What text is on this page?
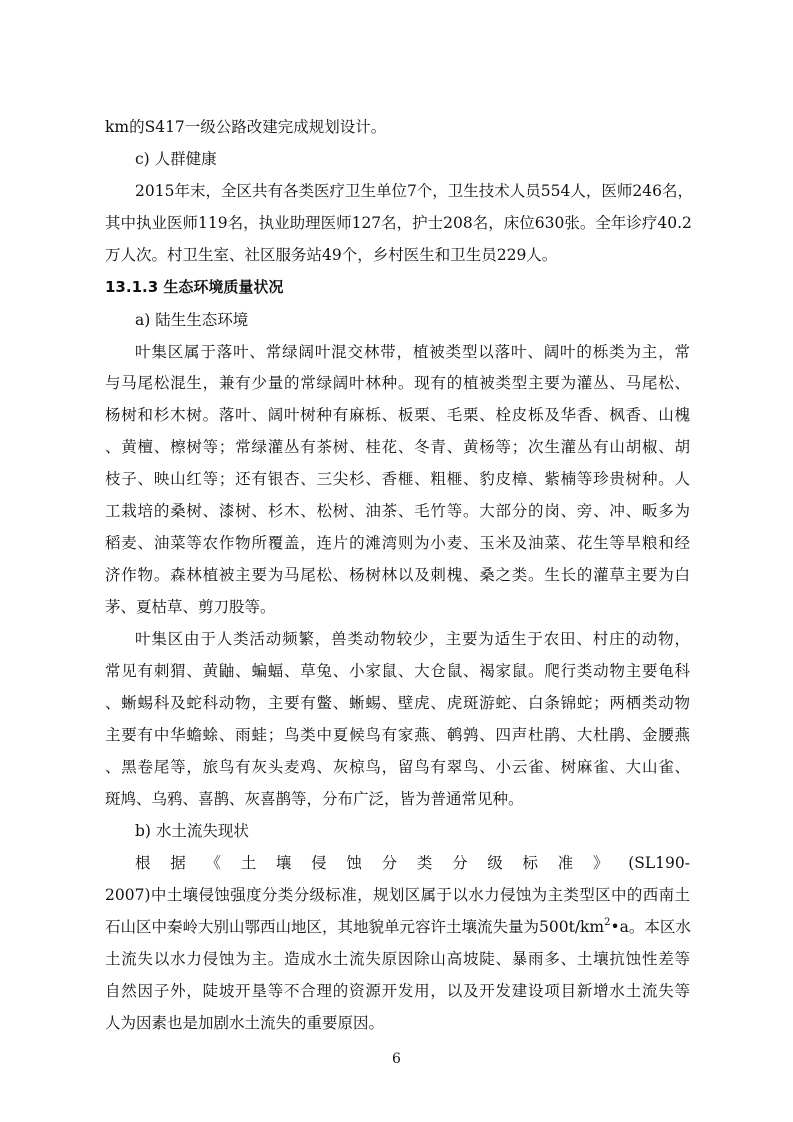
km的S417一级公路改建完成规划设计。
c) 人群健康
2015年末，全区共有各类医疗卫生单位7个，卫生技术人员554人，医师246名，
其中执业医师119名，执业助理医师127名，护士208名，床位630张。全年诊疗40.2
万人次。村卫生室、社区服务站49个，乡村医生和卫生员229人。
13.1.3 生态环境质量状况
a) 陆生生态环境
叶集区属于落叶、常绿阔叶混交林带，植被类型以落叶、阔叶的栎类为主，常
与马尾松混生，兼有少量的常绿阔叶林种。现有的植被类型主要为灌丛、马尾松、
杨树和杉木树。落叶、阔叶树种有麻栎、板栗、毛栗、栓皮栎及华香、枫香、山槐
、黄檀、檫树等；常绿灌丛有茶树、桂花、冬青、黄杨等；次生灌丛有山胡椒、胡
枝子、映山红等；还有银杏、三尖杉、香榧、粗榧、豹皮樟、紫楠等珍贵树种。人
工栽培的桑树、漆树、杉木、松树、油茶、毛竹等。大部分的岗、旁、冲、畈多为
稻麦、油菜等农作物所覆盖，连片的滩湾则为小麦、玉米及油菜、花生等旱粮和经
济作物。森林植被主要为马尾松、杨树林以及刺槐、桑之类。生长的灌草主要为白
茅、夏枯草、剪刀股等。
叶集区由于人类活动频繁，兽类动物较少，主要为适生于农田、村庄的动物，
常见有刺猬、黄鼬、蝙蝠、草兔、小家鼠、大仓鼠、褐家鼠。爬行类动物主要龟科
、蜥蜴科及蛇科动物，主要有鳖、蜥蜴、壁虎、虎斑游蛇、白条锦蛇；两栖类动物
主要有中华蟾蜍、雨蛙；鸟类中夏候鸟有家燕、鹌鹑、四声杜鹃、大杜鹃、金腰燕
、黑卷尾等，旅鸟有灰头麦鸡、灰椋鸟，留鸟有翠鸟、小云雀、树麻雀、大山雀、
斑鸠、乌鸦、喜鹊、灰喜鹊等，分布广泛，皆为普通常见种。
b) 水土流失现状
根 据 《 土 壤 侵 蚀 分 类 分 级 标 准 》 (SL190-
2007)中土壤侵蚀强度分类分级标准，规划区属于以水力侵蚀为主类型区中的西南土
石山区中秦岭大别山鄂西山地区，其地貌单元容许土壤流失量为$500t/km^2•a$。本区水
土流失以水力侵蚀为主。造成水土流失原因除山高坡陡、暴雨多、土壤抗蚀性差等
自然因子外，陡坡开垦等不合理的资源开发用，以及开发建设项目新增水土流失等
人为因素也是加剧水土流失的重要原因。
6
